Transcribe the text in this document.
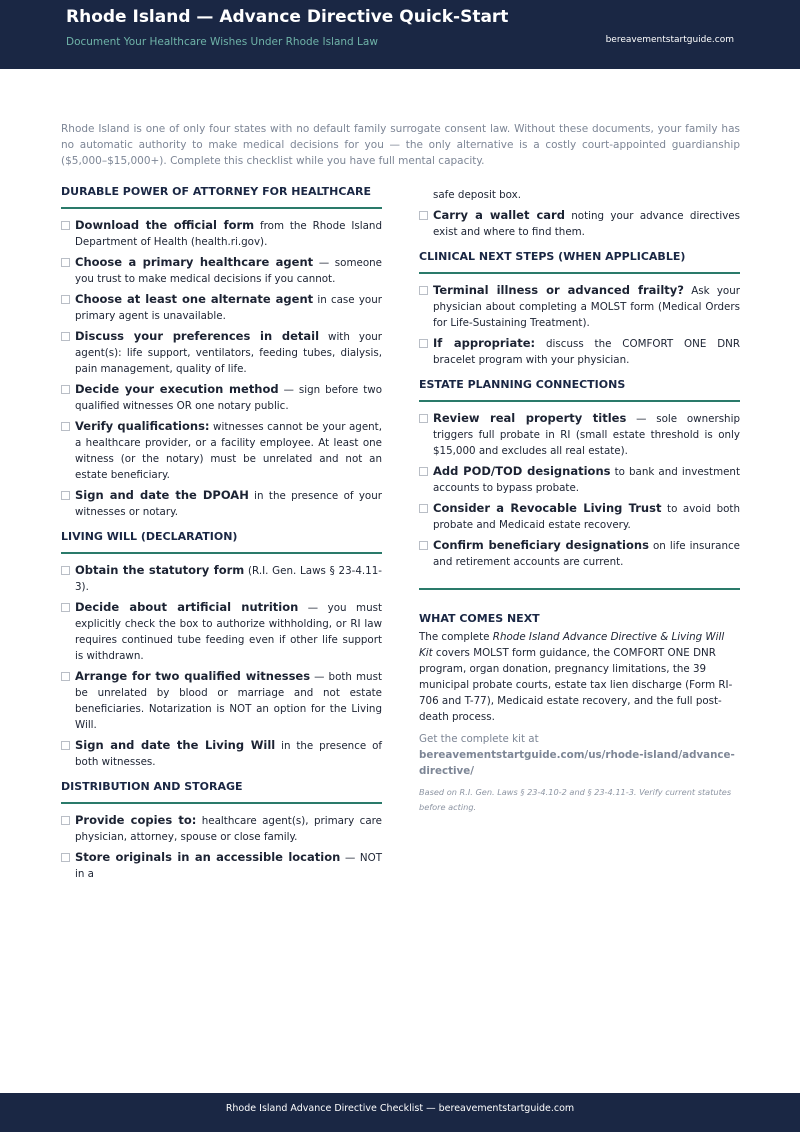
Rhode Island — Advance Directive Quick-Start
Document Your Healthcare Wishes Under Rhode Island Law	bereavementstartguide.com
Rhode Island is one of only four states with no default family surrogate consent law. Without these documents, your family has no automatic authority to make medical decisions for you — the only alternative is a costly court-appointed guardianship ($5,000–$15,000+). Complete this checklist while you have full mental capacity.
DURABLE POWER OF ATTORNEY FOR HEALTHCARE
Download the official form from the Rhode Island Department of Health (health.ri.gov).
Choose a primary healthcare agent — someone you trust to make medical decisions if you cannot.
Choose at least one alternate agent in case your primary agent is unavailable.
Discuss your preferences in detail with your agent(s): life support, ventilators, feeding tubes, dialysis, pain management, quality of life.
Decide your execution method — sign before two qualified witnesses OR one notary public.
Verify qualifications: witnesses cannot be your agent, a healthcare provider, or a facility employee. At least one witness (or the notary) must be unrelated and not an estate beneficiary.
Sign and date the DPOAH in the presence of your witnesses or notary.
LIVING WILL (DECLARATION)
Obtain the statutory form (R.I. Gen. Laws § 23-4.11-3).
Decide about artificial nutrition — you must explicitly check the box to authorize withholding, or RI law requires continued tube feeding even if other life support is withdrawn.
Arrange for two qualified witnesses — both must be unrelated by blood or marriage and not estate beneficiaries. Notarization is NOT an option for the Living Will.
Sign and date the Living Will in the presence of both witnesses.
DISTRIBUTION AND STORAGE
Provide copies to: healthcare agent(s), primary care physician, attorney, spouse or close family.
Store originals in an accessible location — NOT in a
safe deposit box.
Carry a wallet card noting your advance directives exist and where to find them.
CLINICAL NEXT STEPS (WHEN APPLICABLE)
Terminal illness or advanced frailty? Ask your physician about completing a MOLST form (Medical Orders for Life-Sustaining Treatment).
If appropriate: discuss the COMFORT ONE DNR bracelet program with your physician.
ESTATE PLANNING CONNECTIONS
Review real property titles — sole ownership triggers full probate in RI (small estate threshold is only $15,000 and excludes all real estate).
Add POD/TOD designations to bank and investment accounts to bypass probate.
Consider a Revocable Living Trust to avoid both probate and Medicaid estate recovery.
Confirm beneficiary designations on life insurance and retirement accounts are current.
WHAT COMES NEXT
The complete Rhode Island Advance Directive & Living Will Kit covers MOLST form guidance, the COMFORT ONE DNR program, organ donation, pregnancy limitations, the 39 municipal probate courts, estate tax lien discharge (Form RI-706 and T-77), Medicaid estate recovery, and the full post-death process.
Get the complete kit at
bereavementstartguide.com/us/rhode-island/advance-directive/
Based on R.I. Gen. Laws § 23-4.10-2 and § 23-4.11-3. Verify current statutes before acting.
Rhode Island Advance Directive Checklist — bereavementstartguide.com
